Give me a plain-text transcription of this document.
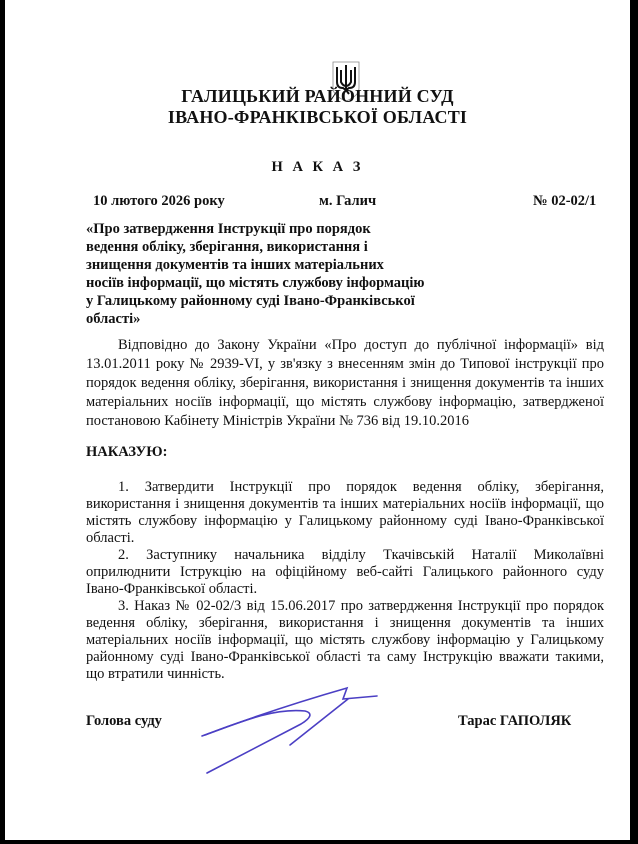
ГАЛИЦЬКИЙ РАЙОННИЙ СУД
ІВАНО-ФРАНКІВСЬКОЇ ОБЛАСТІ
Н А К А З
10 лютого 2026 року	м. Галич	№ 02-02/1
«Про затвердження Інструкції про порядок
ведення обліку, зберігання, використання і
знищення документів та інших матеріальних
носіїв інформації, що містять службову інформацію
у Галицькому районному суді Івано-Франківської
області»
Відповідно до Закону України «Про доступ до публічної інформації» від
13.01.2011 року № 2939-VI, у зв'язку з внесенням змін до Типової інструкції про
порядок ведення обліку, зберігання, використання і знищення документів та інших
матеріальних носіїв інформації, що містять службову інформацію, затвердженої
постановою Кабінету Міністрів України № 736 від 19.10.2016
НАКАЗУЮ:
1. Затвердити Інструкції про порядок ведення обліку, зберігання,
використання і знищення документів та інших матеріальних носіїв інформації, що
містять службову інформацію у Галицькому районному суді Івано-Франківської
області.
2. Заступнику начальника відділу Ткачівській Наталії Миколаївні
оприлюднити Іструкцію на офіційному веб-сайті Галицького районного суду
Івано-Франківської області.
3. Наказ № 02-02/3 від 15.06.2017 про затвердження Інструкції про порядок
ведення обліку, зберігання, використання і знищення документів та інших
матеріальних носіїв інформації, що містять службову інформацію у Галицькому
районному суді Івано-Франківської області та саму Інструкцію вважати такими,
що втратили чинність.
Голова суду	Тарас ГАПОЛЯК
